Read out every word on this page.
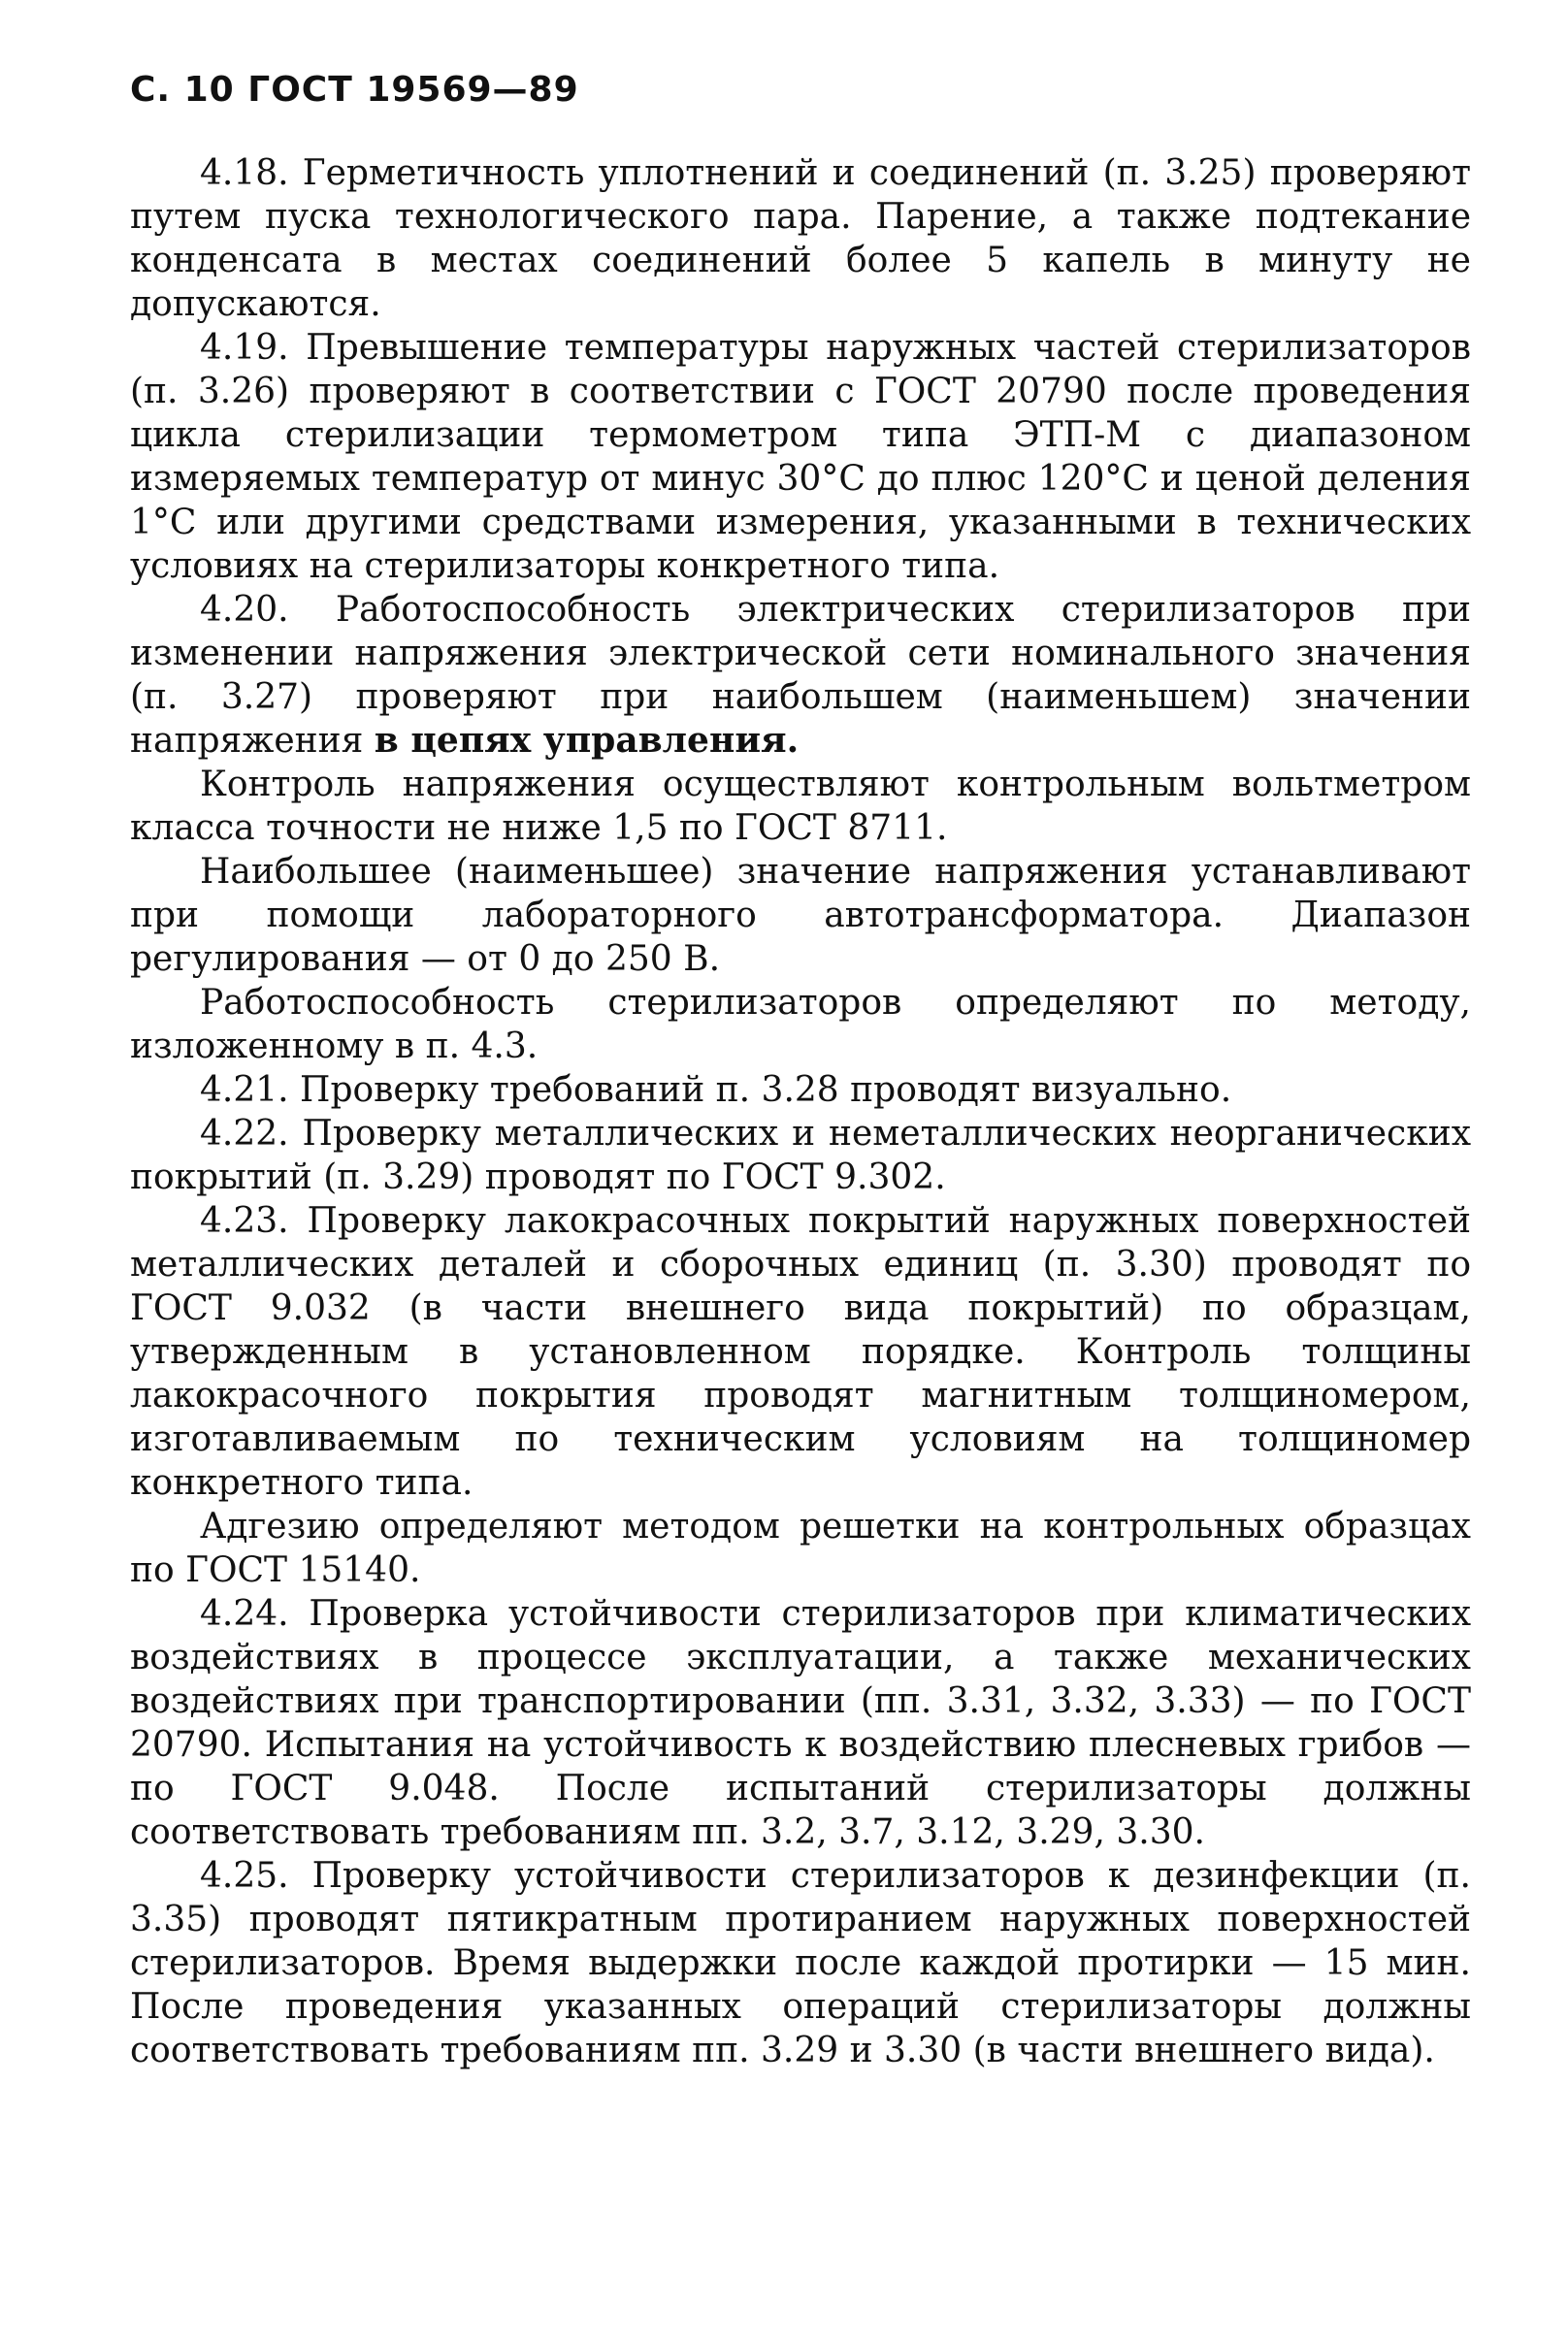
С. 10 ГОСТ 19569—89

4.18. Герметичность уплотнений и соединений (п. 3.25) проверяют путем пуска технологического пара. Парение, а также подтекание конденсата в местах соединений более 5 капель в минуту не допускаются.

4.19. Превышение температуры наружных частей стерилизаторов (п. 3.26) проверяют в соответствии с ГОСТ 20790 после проведения цикла стерилизации термометром типа ЭТП-М с диапазоном измеряемых температур от минус 30°С до плюс 120°С и ценой деления 1°С или другими средствами измерения, указанными в технических условиях на стерилизаторы конкретного типа.

4.20. Работоспособность электрических стерилизаторов при изменении напряжения электрической сети номинального значения (п. 3.27) проверяют при наибольшем (наименьшем) значении напряжения в цепях управления.

Контроль напряжения осуществляют контрольным вольтметром класса точности не ниже 1,5 по ГОСТ 8711.

Наибольшее (наименьшее) значение напряжения устанавливают при помощи лабораторного автотрансформатора. Диапазон регулирования — от 0 до 250 В.

Работоспособность стерилизаторов определяют по методу, изложенному в п. 4.3.

4.21. Проверку требований п. 3.28 проводят визуально.

4.22. Проверку металлических и неметаллических неорганических покрытий (п. 3.29) проводят по ГОСТ 9.302.

4.23. Проверку лакокрасочных покрытий наружных поверхностей металлических деталей и сборочных единиц (п. 3.30) проводят по ГОСТ 9.032 (в части внешнего вида покрытий) по образцам, утвержденным в установленном порядке. Контроль толщины лакокрасочного покрытия проводят магнитным толщиномером, изготавливаемым по техническим условиям на толщиномер конкретного типа.

Адгезию определяют методом решетки на контрольных образцах по ГОСТ 15140.

4.24. Проверка устойчивости стерилизаторов при климатических воздействиях в процессе эксплуатации, а также механических воздействиях при транспортировании (пп. 3.31, 3.32, 3.33) — по ГОСТ 20790. Испытания на устойчивость к воздействию плесневых грибов — по ГОСТ 9.048. После испытаний стерилизаторы должны соответствовать требованиям пп. 3.2, 3.7, 3.12, 3.29, 3.30.

4.25. Проверку устойчивости стерилизаторов к дезинфекции (п. 3.35) проводят пятикратным протиранием наружных поверхностей стерилизаторов. Время выдержки после каждой протирки — 15 мин. После проведения указанных операций стерилизаторы должны соответствовать требованиям пп. 3.29 и 3.30 (в части внешнего вида).
